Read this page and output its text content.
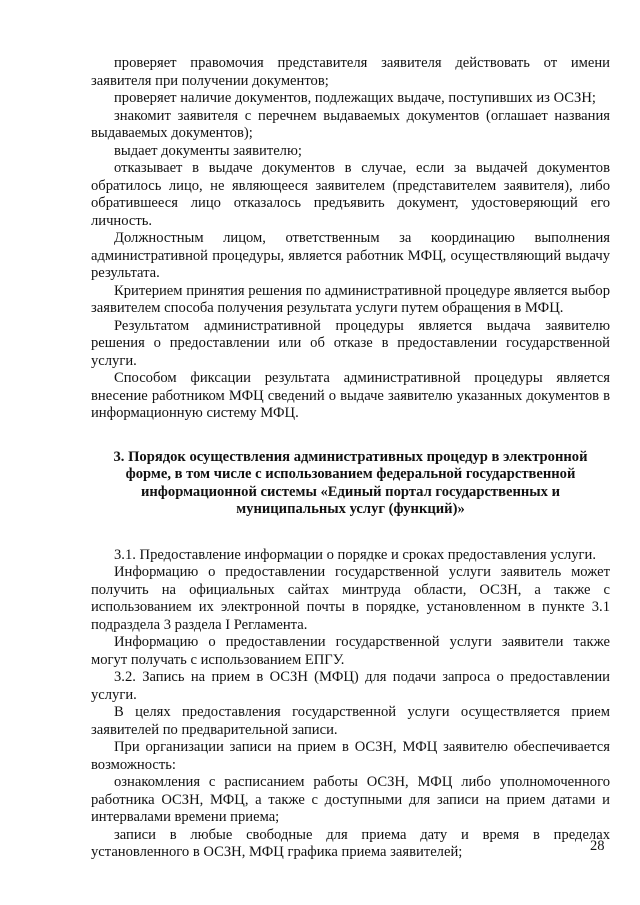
проверяет правомочия представителя заявителя действовать от имени заявителя при получении документов;

проверяет наличие документов, подлежащих выдаче, поступивших из ОСЗН;

знакомит заявителя с перечнем выдаваемых документов (оглашает названия выдаваемых документов);

выдает документы заявителю;

отказывает в выдаче документов в случае, если за выдачей документов обратилось лицо, не являющееся заявителем (представителем заявителя), либо обратившееся лицо отказалось предъявить документ, удостоверяющий его личность.

Должностным лицом, ответственным за координацию выполнения административной процедуры, является работник МФЦ, осуществляющий выдачу результата.

Критерием принятия решения по административной процедуре является выбор заявителем способа получения результата услуги путем обращения в МФЦ.

Результатом административной процедуры является выдача заявителю решения о предоставлении или об отказе в предоставлении государственной услуги.

Способом фиксации результата административной процедуры является внесение работником МФЦ сведений о выдаче заявителю указанных документов в информационную систему МФЦ.

3. Порядок осуществления административных процедур в электронной форме, в том числе с использованием федеральной государственной информационной системы «Единый портал государственных и муниципальных услуг (функций)»

3.1. Предоставление информации о порядке и сроках предоставления услуги.

Информацию о предоставлении государственной услуги заявитель может получить на официальных сайтах минтруда области, ОСЗН, а также с использованием их электронной почты в порядке, установленном в пункте 3.1 подраздела 3 раздела I Регламента.

Информацию о предоставлении государственной услуги заявители также могут получать с использованием ЕПГУ.

3.2. Запись на прием в ОСЗН (МФЦ) для подачи запроса о предоставлении услуги.

В целях предоставления государственной услуги осуществляется прием заявителей по предварительной записи.

При организации записи на прием в ОСЗН, МФЦ заявителю обеспечивается возможность:

ознакомления с расписанием работы ОСЗН, МФЦ либо уполномоченного работника ОСЗН, МФЦ, а также с доступными для записи на прием датами и интервалами времени приема;

записи в любые свободные для приема дату и время в пределах установленного в ОСЗН, МФЦ графика приема заявителей;	28
